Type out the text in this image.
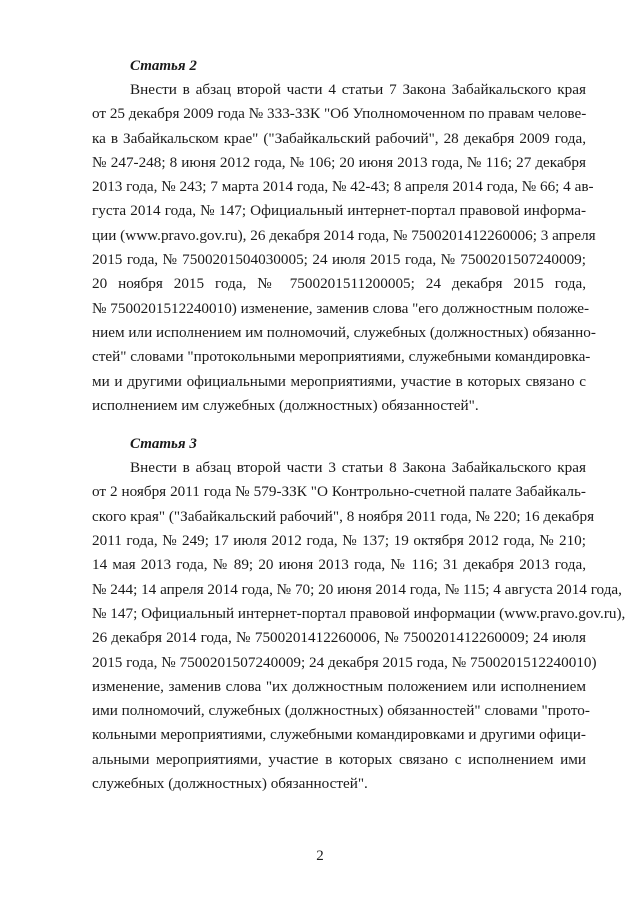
Статья 2
Внести в абзац второй части 4 статьи 7 Закона Забайкальского края
от 25 декабря 2009 года № 333-ЗЗК "Об Уполномоченном по правам челове-
ка в Забайкальском крае" ("Забайкальский рабочий", 28 декабря 2009 года,
№ 247-248; 8 июня 2012 года, № 106; 20 июня 2013 года, № 116; 27 декабря
2013 года, № 243; 7 марта 2014 года, № 42-43; 8 апреля 2014 года, № 66; 4 ав-
густа 2014 года, № 147; Официальный интернет-портал правовой информа-
ции (www.pravo.gov.ru), 26 декабря 2014 года, № 7500201412260006; 3 апреля
2015 года, № 7500201504030005; 24 июля 2015 года, № 7500201507240009;
20 ноября 2015 года, № 7500201511200005; 24 декабря 2015 года,
№ 7500201512240010) изменение, заменив слова "его должностным положе-
нием или исполнением им полномочий, служебных (должностных) обязанно-
стей" словами "протокольными мероприятиями, служебными командировка-
ми и другими официальными мероприятиями, участие в которых связано с
исполнением им служебных (должностных) обязанностей".
Статья 3
Внести в абзац второй части 3 статьи 8 Закона Забайкальского края
от 2 ноября 2011 года № 579-ЗЗК "О Контрольно-счетной палате Забайкаль-
ского края" ("Забайкальский рабочий", 8 ноября 2011 года, № 220; 16 декабря
2011 года, № 249; 17 июля 2012 года, № 137; 19 октября 2012 года, № 210;
14 мая 2013 года, № 89; 20 июня 2013 года, № 116; 31 декабря 2013 года,
№ 244; 14 апреля 2014 года, № 70; 20 июня 2014 года, № 115; 4 августа 2014 года,
№ 147; Официальный интернет-портал правовой информации (www.pravo.gov.ru),
26 декабря 2014 года, № 7500201412260006, № 7500201412260009; 24 июля
2015 года, № 7500201507240009; 24 декабря 2015 года, № 7500201512240010)
изменение, заменив слова "их должностным положением или исполнением
ими полномочий, служебных (должностных) обязанностей" словами "прото-
кольными мероприятиями, служебными командировками и другими офици-
альными мероприятиями, участие в которых связано с исполнением ими
служебных (должностных) обязанностей".
2
